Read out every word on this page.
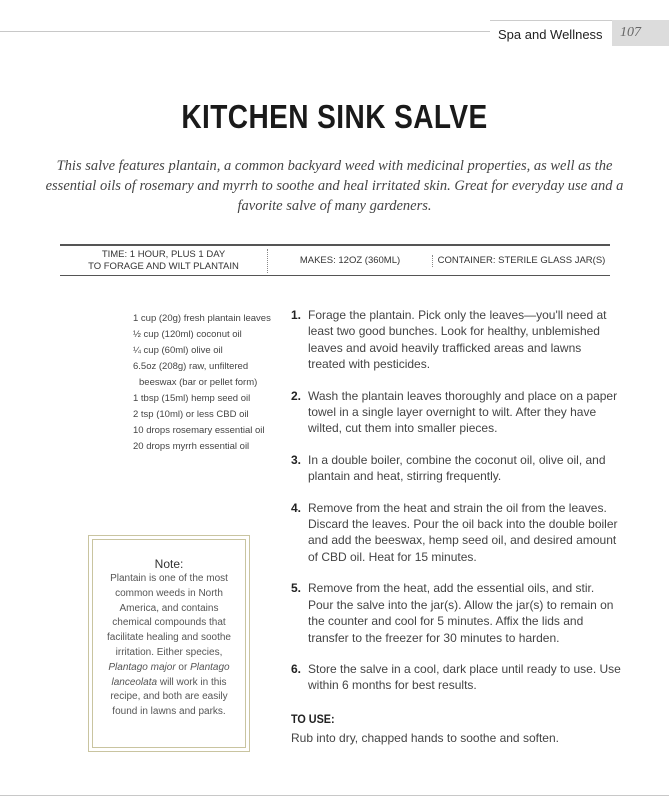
Spa and Wellness	107
KITCHEN SINK SALVE

This salve features plantain, a common backyard weed with medicinal properties, as well as the essential oils of rosemary and myrrh to soothe and heal irritated skin. Great for everyday use and a favorite salve of many gardeners.

TIME: 1 HOUR, PLUS 1 DAY
TO FORAGE AND WILT PLANTAIN
MAKES: 12OZ (360ML)	CONTAINER: STERILE GLASS JAR(S)
1 cup (20g) fresh plantain leaves
½ cup (120ml) coconut oil
¼ cup (60ml) olive oil
6.5oz (208g) raw, unfiltered beeswax (bar or pellet form)
1 tbsp (15ml) hemp seed oil
2 tsp (10ml) or less CBD oil
10 drops rosemary essential oil
20 drops myrrh essential oil
Note:
Plantain is one of the most common weeds in North America, and contains chemical compounds that facilitate healing and soothe irritation. Either species, Plantago major or Plantago lanceolata will work in this recipe, and both are easily found in lawns and parks.
1. Forage the plantain. Pick only the leaves—you'll need at least two good bunches. Look for healthy, unblemished leaves and avoid heavily trafficked areas and lawns treated with pesticides.
2. Wash the plantain leaves thoroughly and place on a paper towel in a single layer overnight to wilt. After they have wilted, cut them into smaller pieces.
3. In a double boiler, combine the coconut oil, olive oil, and plantain and heat, stirring frequently.
4. Remove from the heat and strain the oil from the leaves. Discard the leaves. Pour the oil back into the double boiler and add the beeswax, hemp seed oil, and desired amount of CBD oil. Heat for 15 minutes.
5. Remove from the heat, add the essential oils, and stir. Pour the salve into the jar(s). Allow the jar(s) to remain on the counter and cool for 5 minutes. Affix the lids and transfer to the freezer for 30 minutes to harden.
6. Store the salve in a cool, dark place until ready to use. Use within 6 months for best results.
TO USE:
Rub into dry, chapped hands to soothe and soften.
